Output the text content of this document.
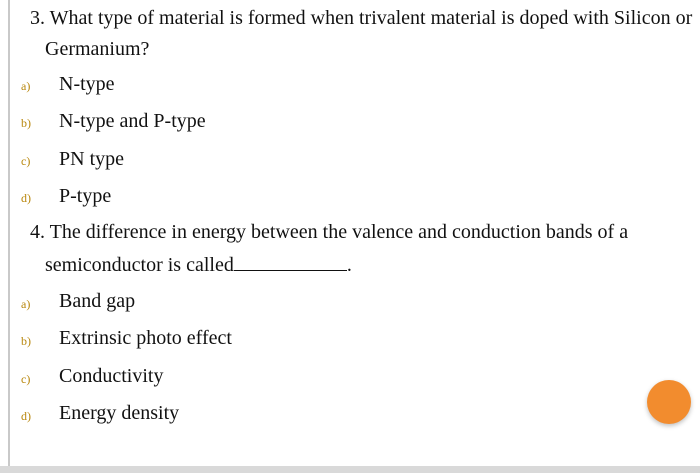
3. What type of material is formed when trivalent material is doped with Silicon or
Germanium?
a) N-type
b) N-type and P-type
c) PN type
d) P-type
4. The difference in energy between the valence and conduction bands of a
semiconductor is called	.
a) Band gap
b) Extrinsic photo effect
c) Conductivity
d) Energy density
